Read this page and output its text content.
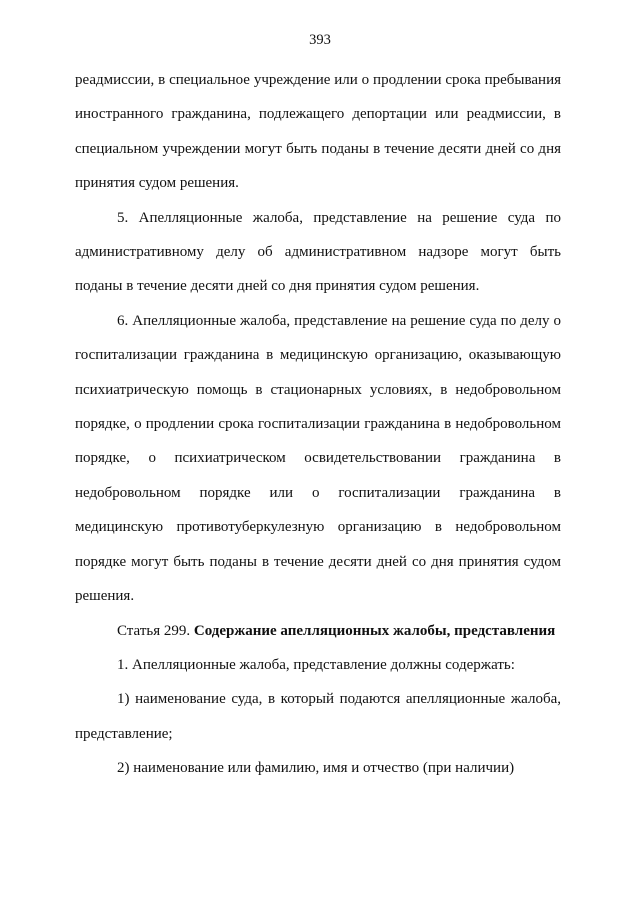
393

реадмиссии, в специальное учреждение или о продлении срока пребывания иностранного гражданина, подлежащего депортации или реадмиссии, в специальном учреждении могут быть поданы в течение десяти дней со дня принятия судом решения.

5. Апелляционные жалоба, представление на решение суда по административному делу об административном надзоре могут быть поданы в течение десяти дней со дня принятия судом решения.

6. Апелляционные жалоба, представление на решение суда по делу о госпитализации гражданина в медицинскую организацию, оказывающую психиатрическую помощь в стационарных условиях, в недобровольном порядке, о продлении срока госпитализации гражданина в недобровольном порядке, о психиатрическом освидетельствовании гражданина в недобровольном порядке или о госпитализации гражданина в медицинскую противотуберкулезную организацию в недобровольном порядке могут быть поданы в течение десяти дней со дня принятия судом решения.

Статья 299. Содержание апелляционных жалобы, представления

1. Апелляционные жалоба, представление должны содержать:

1) наименование суда, в который подаются апелляционные жалоба, представление;

2) наименование или фамилию, имя и отчество (при наличии)
